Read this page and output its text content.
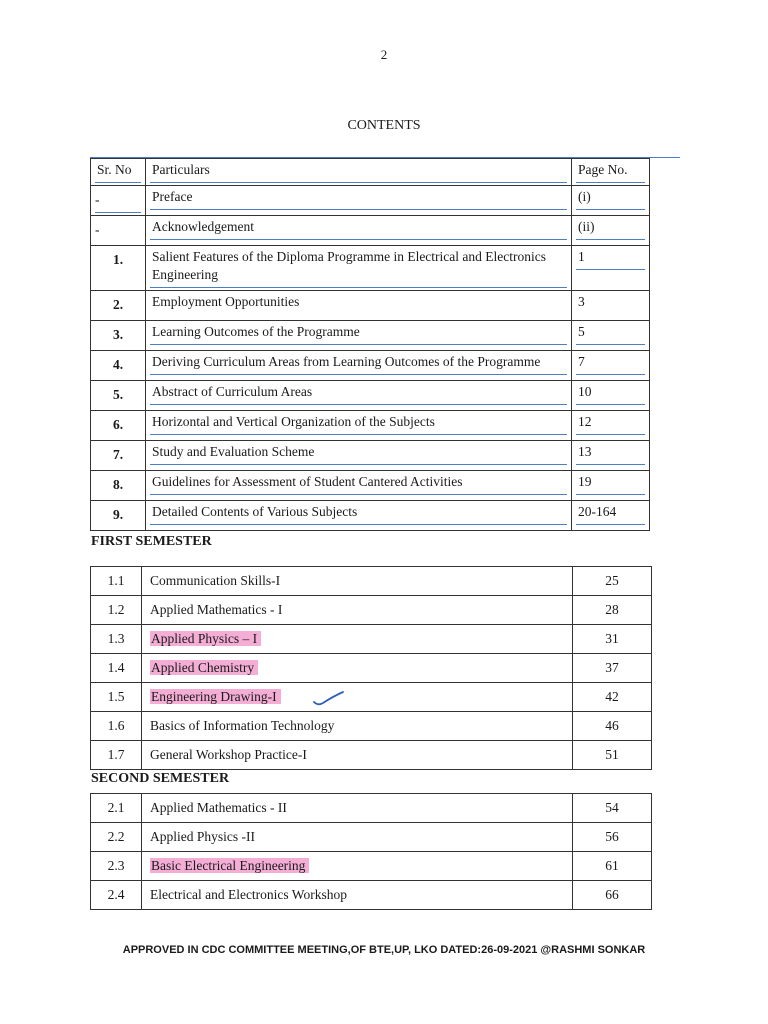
2
CONTENTS
Sr. No	Particulars	Page No.

-	Preface	(i)

-	Acknowledgement	(ii)

1.	Salient Features of the Diploma Programme in Electrical and Electronics Engineering	1

2.	Employment Opportunities	3

3.	Learning Outcomes of the Programme	5

4.	Deriving Curriculum Areas from Learning Outcomes of the Programme	7

5.	Abstract of Curriculum Areas	10

6.	Horizontal and Vertical Organization of the Subjects	12

7.	Study and Evaluation Scheme	13

8.	Guidelines for Assessment of Student Cantered Activities	19

9.	Detailed Contents of Various Subjects	20-164
FIRST SEMESTER
1.1	Communication Skills-I	25
1.2	Applied Mathematics - I	28
1.3	Applied Physics – I	31
1.4	Applied Chemistry	37
1.5	Engineering Drawing-I	42
1.6	Basics of Information Technology	46
1.7	General Workshop Practice-I	51
SECOND SEMESTER
2.1	Applied Mathematics - II	54
2.2	Applied Physics -II	56
2.3	Basic Electrical Engineering	61
2.4	Electrical and Electronics Workshop	66
APPROVED IN CDC COMMITTEE MEETING,OF BTE,UP, LKO DATED:26-09-2021 @RASHMI SONKAR
